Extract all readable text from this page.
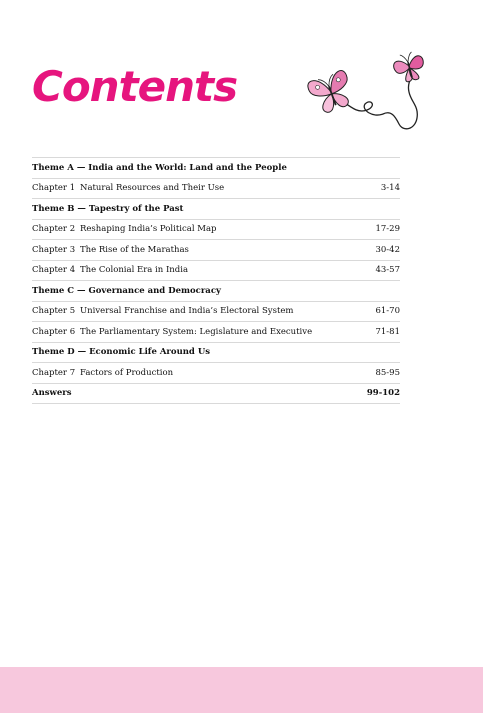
Contents
Theme A — India and the World: Land and the People
Chapter 1 Natural Resources and Their Use	3-14
Theme B — Tapestry of the Past
Chapter 2 Reshaping India’s Political Map	17-29
Chapter 3 The Rise of the Marathas	30-42
Chapter 4 The Colonial Era in India	43-57
Theme C — Governance and Democracy
Chapter 5 Universal Franchise and India’s Electoral System	61-70
Chapter 6 The Parliamentary System: Legislature and Executive	71-81
Theme D — Economic Life Around Us
Chapter 7 Factors of Production	85-95
Answers	99-102
